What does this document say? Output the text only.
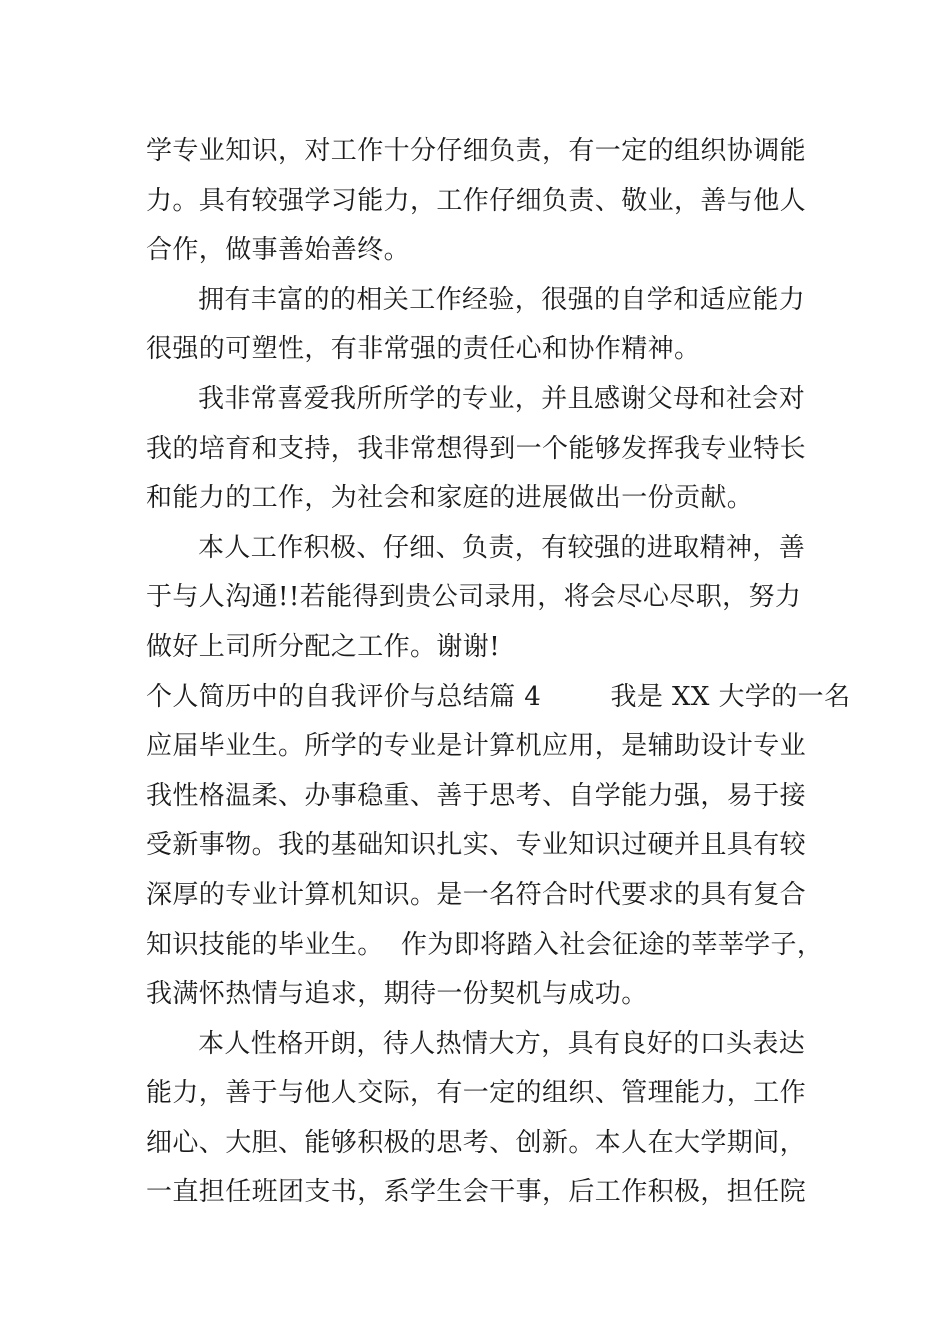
学专业知识，对工作十分仔细负责，有一定的组织协调能
力。具有较强学习能力，工作仔细负责、敬业，善与他人
合作，做事善始善终。
拥有丰富的的相关工作经验，很强的自学和适应能力
很强的可塑性，有非常强的责任心和协作精神。
我非常喜爱我所所学的专业，并且感谢父母和社会对
我的培育和支持，我非常想得到一个能够发挥我专业特长
和能力的工作，为社会和家庭的进展做出一份贡献。
本人工作积极、仔细、负责，有较强的进取精神，善
于与人沟通!!若能得到贵公司录用，将会尽心尽职，努力
做好上司所分配之工作。谢谢!
个人简历中的自我评价与总结篇 4        我是 XX 大学的一名
应届毕业生。所学的专业是计算机应用，是辅助设计专业
我性格温柔、办事稳重、善于思考、自学能力强，易于接
受新事物。我的基础知识扎实、专业知识过硬并且具有较
深厚的专业计算机知识。是一名符合时代要求的具有复合
知识技能的毕业生。  作为即将踏入社会征途的莘莘学子，
我满怀热情与追求，期待一份契机与成功。
本人性格开朗，待人热情大方，具有良好的口头表达
能力，善于与他人交际，有一定的组织、管理能力，工作
细心、大胆、能够积极的思考、创新。本人在大学期间，
一直担任班团支书，系学生会干事，后工作积极，担任院
